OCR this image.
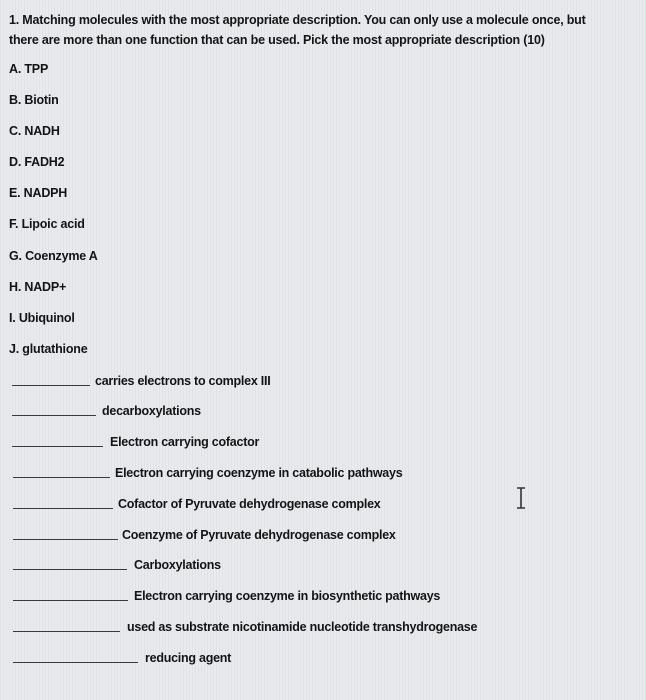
1. Matching molecules with the most appropriate description. You can only use a molecule once, but
there are more than one function that can be used. Pick the most appropriate description (10)
A. TPP
B. Biotin
C. NADH
D. FADH2
E. NADPH
F. Lipoic acid
G. Coenzyme A
H. NADP+
I. Ubiquinol
J. glutathione
carries electrons to complex III
decarboxylations
Electron carrying cofactor
Electron carrying coenzyme in catabolic pathways
Cofactor of Pyruvate dehydrogenase complex
Coenzyme of Pyruvate dehydrogenase complex
Carboxylations
Electron carrying coenzyme in biosynthetic pathways
used as substrate nicotinamide nucleotide transhydrogenase
reducing agent
